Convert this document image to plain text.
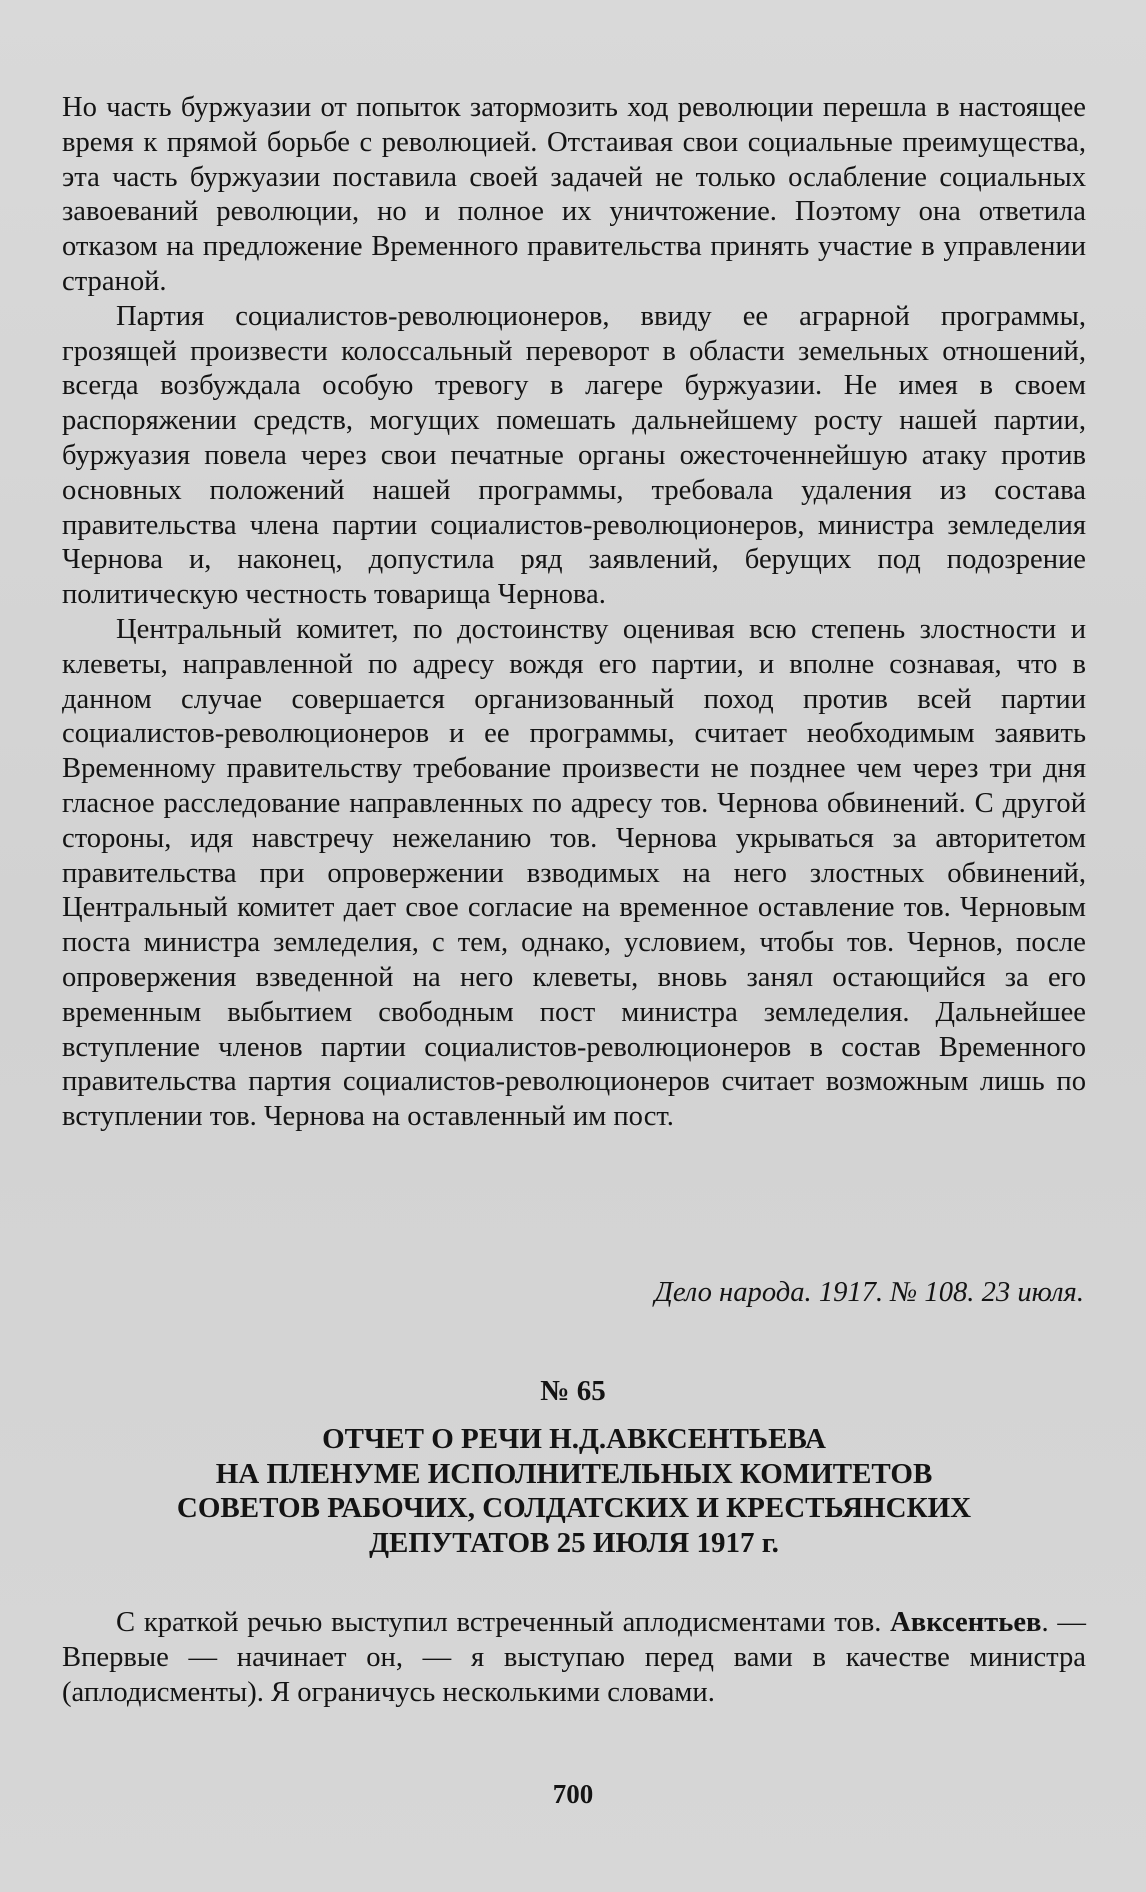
Но часть буржуазии от попыток затормозить ход революции перешла в настоящее время к прямой борьбе с революцией. Отстаивая свои социальные преимущества, эта часть буржуазии поставила своей задачей не только ослабление социальных завоеваний революции, но и полное их уничтожение. Поэтому она ответила отказом на предложение Временного правительства принять участие в управлении страной.

Партия социалистов-революционеров, ввиду ее аграрной программы, грозящей произвести колоссальный переворот в области земельных отношений, всегда возбуждала особую тревогу в лагере буржуазии. Не имея в своем распоряжении средств, могущих помешать дальнейшему росту нашей партии, буржуазия повела через свои печатные органы ожесточеннейшую атаку против основных положений нашей программы, требовала удаления из состава правительства члена партии социалистов-революционеров, министра земледелия Чернова и, наконец, допустила ряд заявлений, берущих под подозрение политическую честность товарища Чернова.

Центральный комитет, по достоинству оценивая всю степень злостности и клеветы, направленной по адресу вождя его партии, и вполне сознавая, что в данном случае совершается организованный поход против всей партии социалистов-революционеров и ее программы, считает необходимым заявить Временному правительству требование произвести не позднее чем через три дня гласное расследование направленных по адресу тов. Чернова обвинений. С другой стороны, идя навстречу нежеланию тов. Чернова укрываться за авторитетом правительства при опровержении взводимых на него злостных обвинений, Центральный комитет дает свое согласие на временное оставление тов. Черновым поста министра земледелия, с тем, однако, условием, чтобы тов. Чернов, после опровержения взведенной на него клеветы, вновь занял остающийся за его временным выбытием свободным пост министра земледелия. Дальнейшее вступление членов партии социалистов-революционеров в состав Временного правительства партия социалистов-революционеров считает возможным лишь по вступлении тов. Чернова на оставленный им пост.

Дело народа. 1917. № 108. 23 июля.
№ 65
ОТЧЕТ О РЕЧИ Н.Д.АВКСЕНТЬЕВА
НА ПЛЕНУМЕ ИСПОЛНИТЕЛЬНЫХ КОМИТЕТОВ
СОВЕТОВ РАБОЧИХ, СОЛДАТСКИХ И КРЕСТЬЯНСКИХ
ДЕПУТАТОВ 25 ИЮЛЯ 1917 г.

С краткой речью выступил встреченный аплодисментами тов. Авксентьев. — Впервые — начинает он, — я выступаю перед вами в качестве министра (аплодисменты). Я ограничусь несколькими словами.

700
